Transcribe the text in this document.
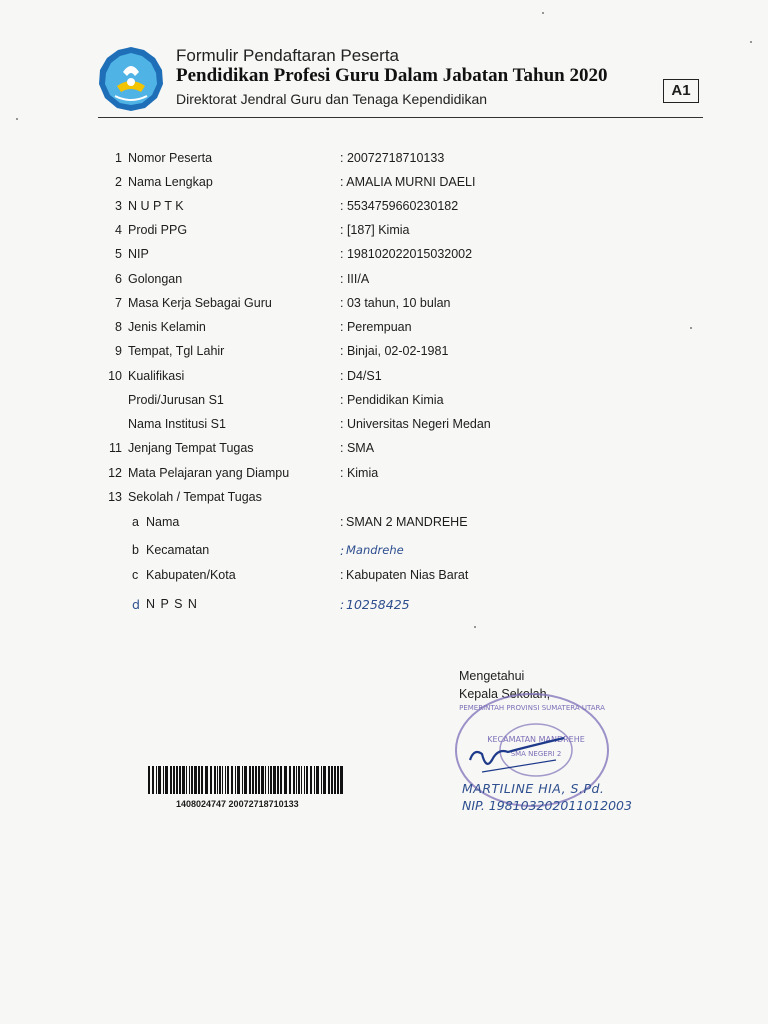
Formulir Pendaftaran Peserta
Pendidikan Profesi Guru Dalam Jabatan Tahun 2020
Direktorat Jendral Guru dan Tenaga Kependidikan	A1
1 Nomor Peserta	: 20072718710133
2 Nama Lengkap	: AMALIA MURNI DAELI
3 N U P T K	: 5534759660230182
4 Prodi PPG	: [187] Kimia
5 NIP	: 198102022015032002
6 Golongan	: III/A
7 Masa Kerja Sebagai Guru	: 03 tahun, 10 bulan
8 Jenis Kelamin	: Perempuan
9 Tempat, Tgl Lahir	: Binjai, 02-02-1981
10 Kualifikasi	: D4/S1
Prodi/Jurusan S1	: Pendidikan Kimia
Nama Institusi S1	: Universitas Negeri Medan
11 Jenjang Tempat Tugas	: SMA
12 Mata Pelajaran yang Diampu	: Kimia
13 Sekolah / Tempat Tugas
a Nama	: SMAN 2 MANDREHE
b Kecamatan	: Mandrehe
c Kabupaten/Kota	: Kabupaten Nias Barat
d N P S N	: 10258425
Mengetahui
Kepala Sekolah,
KECAMATAN MANDREHE
SMA NEGERI 2
PEMERINTAH PROVINSI SUMATERA UTARA
MARTILINE HIA, S.Pd.
NIP. 198103202011012003
1408024747 20072718710133
